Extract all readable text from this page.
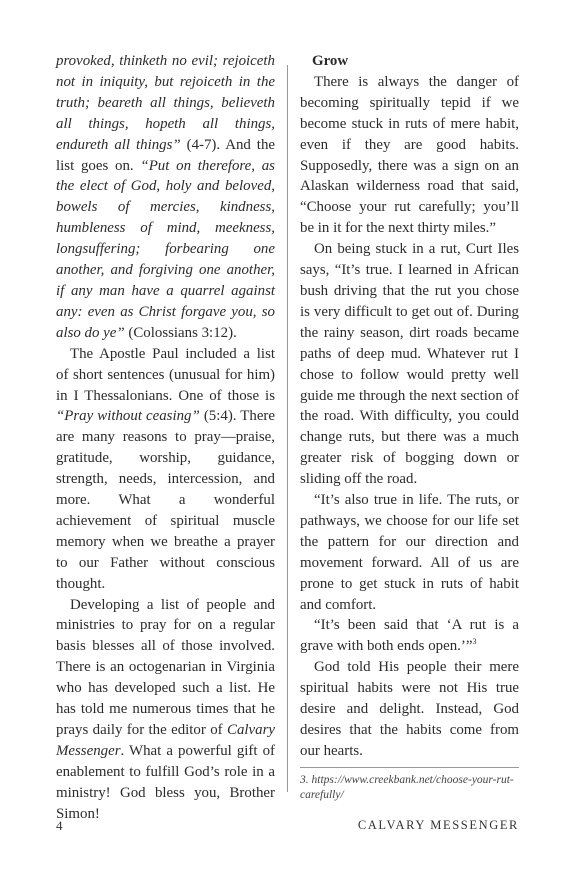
provoked, thinketh no evil; rejoiceth not in iniquity, but rejoiceth in the truth; beareth all things, believeth all things, hopeth all things, endureth all things” (4-7). And the list goes on. “Put on therefore, as the elect of God, holy and beloved, bowels of mercies, kindness, humbleness of mind, meekness, longsuffering; forbearing one another, and forgiving one another, if any man have a quarrel against any: even as Christ forgave you, so also do ye” (Colossians 3:12).

The Apostle Paul included a list of short sentences (unusual for him) in I Thessalonians. One of those is “Pray without ceasing” (5:4). There are many reasons to pray—praise, gratitude, worship, guidance, strength, needs, intercession, and more. What a wonderful achievement of spiritual muscle memory when we breathe a prayer to our Father without conscious thought.

Developing a list of people and ministries to pray for on a regular basis blesses all of those involved. There is an octogenarian in Virginia who has developed such a list. He has told me numerous times that he prays daily for the editor of Calvary Messenger. What a powerful gift of enablement to fulfill God’s role in a ministry! God bless you, Brother Simon!

Grow

There is always the danger of becoming spiritually tepid if we become stuck in ruts of mere habit, even if they are good habits. Supposedly, there was a sign on an Alaskan wilderness road that said, “Choose your rut carefully; you’ll be in it for the next thirty miles.”

On being stuck in a rut, Curt Iles says, “It’s true. I learned in African bush driving that the rut you chose is very difficult to get out of. During the rainy season, dirt roads became paths of deep mud. Whatever rut I chose to follow would pretty well guide me through the next section of the road. With difficulty, you could change ruts, but there was a much greater risk of bogging down or sliding off the road.

“It’s also true in life. The ruts, or pathways, we choose for our life set the pattern for our direction and movement forward. All of us are prone to get stuck in ruts of habit and comfort.

“It’s been said that ‘A rut is a grave with both ends open.’”$^3$

God told His people their mere spiritual habits were not His true desire and delight. Instead, God desires that the habits come from our hearts.

3. https://www.creekbank.net/choose-your-rut-carefully/
4	CALVARY MESSENGER
